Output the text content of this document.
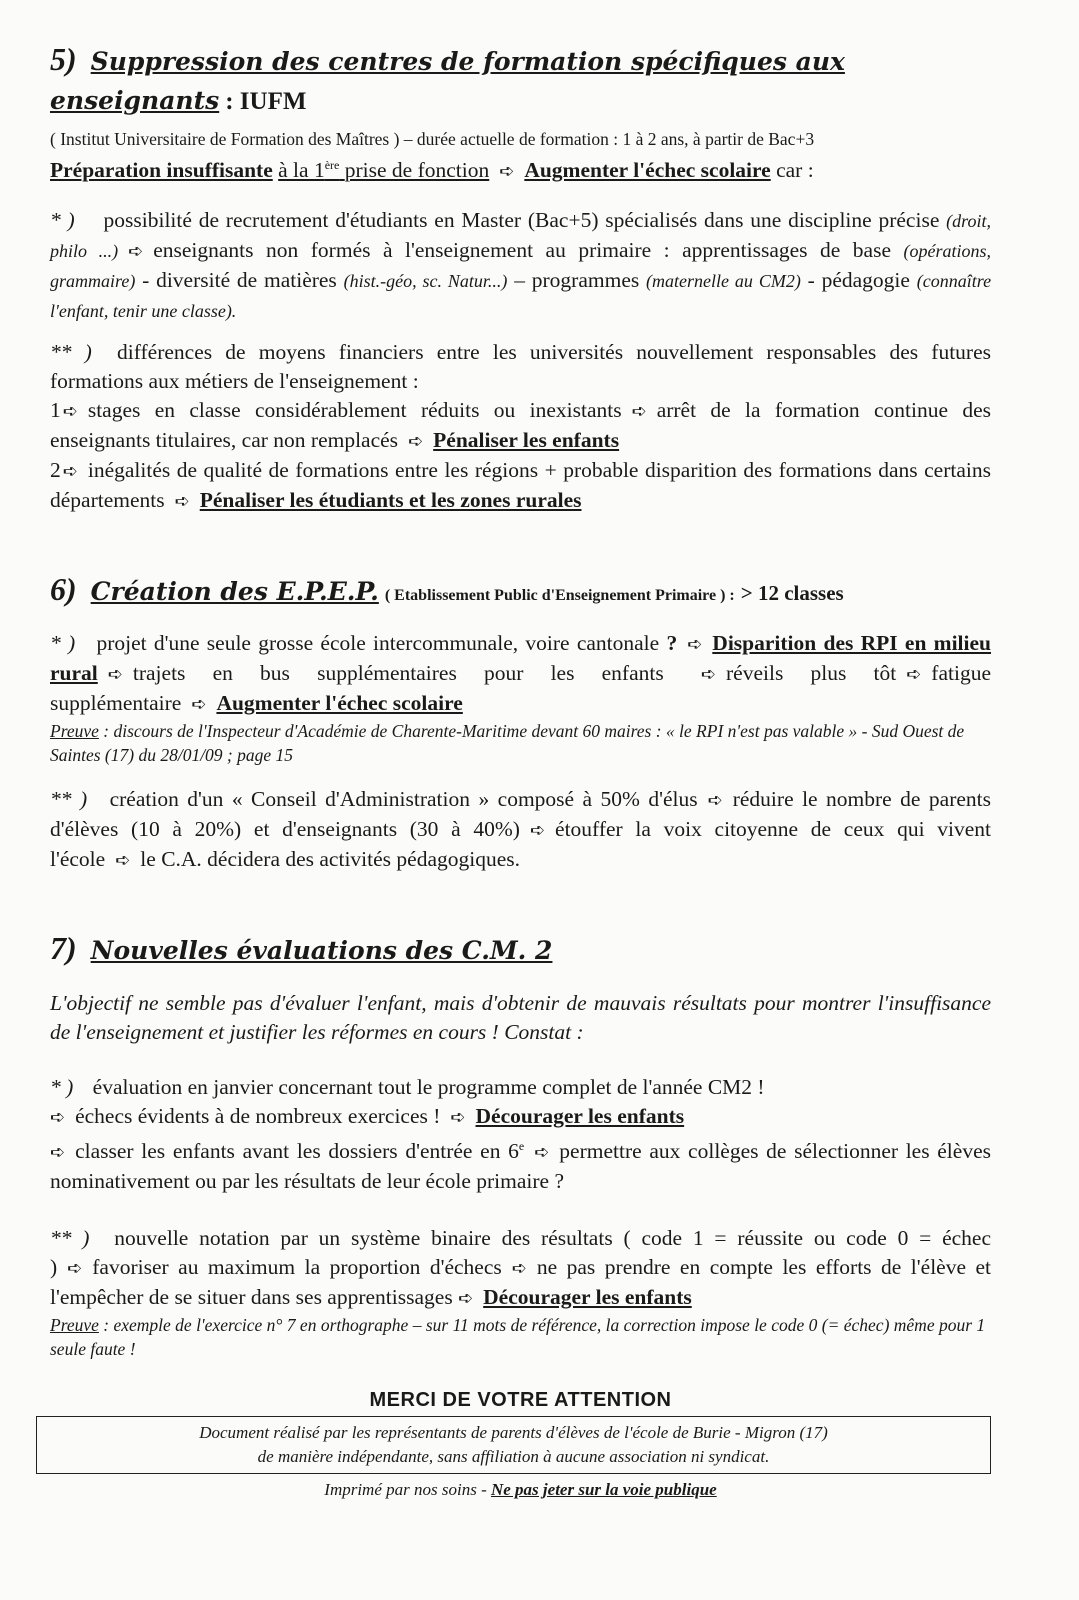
5) Suppression des centres de formation spécifiques aux enseignants : IUFM

( Institut Universitaire de Formation des Maîtres ) – durée actuelle de formation : 1 à 2 ans, à partir de Bac+3

Préparation insuffisante à la 1ère prise de fonction ➪ Augmenter l'échec scolaire car :

* ) possibilité de recrutement d'étudiants en Master (Bac+5) spécialisés dans une discipline précise (droit, philo ...) ➪ enseignants non formés à l'enseignement au primaire : apprentissages de base (opérations, grammaire) - diversité de matières (hist.-géo, sc. Natur...) – programmes (maternelle au CM2) - pédagogie (connaître l'enfant, tenir une classe).

** ) différences de moyens financiers entre les universités nouvellement responsables des futures formations aux métiers de l'enseignement :

1 ➪ stages en classe considérablement réduits ou inexistants ➪ arrêt de la formation continue des enseignants titulaires, car non remplacés ➪ Pénaliser les enfants

2 ➪ inégalités de qualité de formations entre les régions + probable disparition des formations dans certains départements ➪ Pénaliser les étudiants et les zones rurales

6) Création des E.P.E.P. ( Etablissement Public d'Enseignement Primaire ) : > 12 classes

* ) projet d'une seule grosse école intercommunale, voire cantonale ? ➪ Disparition des RPI en milieu rural ➪ trajets en bus supplémentaires pour les enfants ➪ réveils plus tôt ➪ fatigue supplémentaire ➪ Augmenter l'échec scolaire

Preuve : discours de l'Inspecteur d'Académie de Charente-Maritime devant 60 maires : « le RPI n'est pas valable » - Sud Ouest de Saintes (17) du 28/01/09 ; page 15

** ) création d'un « Conseil d'Administration » composé à 50% d'élus ➪ réduire le nombre de parents d'élèves (10 à 20%) et d'enseignants (30 à 40%) ➪ étouffer la voix citoyenne de ceux qui vivent l'école ➪ le C.A. décidera des activités pédagogiques.

7) Nouvelles évaluations des C.M. 2

L'objectif ne semble pas d'évaluer l'enfant, mais d'obtenir de mauvais résultats pour montrer l'insuffisance de l'enseignement et justifier les réformes en cours ! Constat :

* ) évaluation en janvier concernant tout le programme complet de l'année CM2 !
➪ échecs évidents à de nombreux exercices ! ➪ Décourager les enfants
➪ classer les enfants avant les dossiers d'entrée en 6e ➪ permettre aux collèges de sélectionner les élèves nominativement ou par les résultats de leur école primaire ?

** ) nouvelle notation par un système binaire des résultats ( code 1 = réussite ou code 0 = échec ) ➪ favoriser au maximum la proportion d'échecs ➪ ne pas prendre en compte les efforts de l'élève et l'empêcher de se situer dans ses apprentissages ➪ Décourager les enfants

Preuve : exemple de l'exercice n° 7 en orthographe – sur 11 mots de référence, la correction impose le code 0 (= échec) même pour 1 seule faute !

MERCI DE VOTRE ATTENTION
Document réalisé par les représentants de parents d'élèves de l'école de Burie - Migron (17)
de manière indépendante, sans affiliation à aucune association ni syndicat.
Imprimé par nos soins - Ne pas jeter sur la voie publique
